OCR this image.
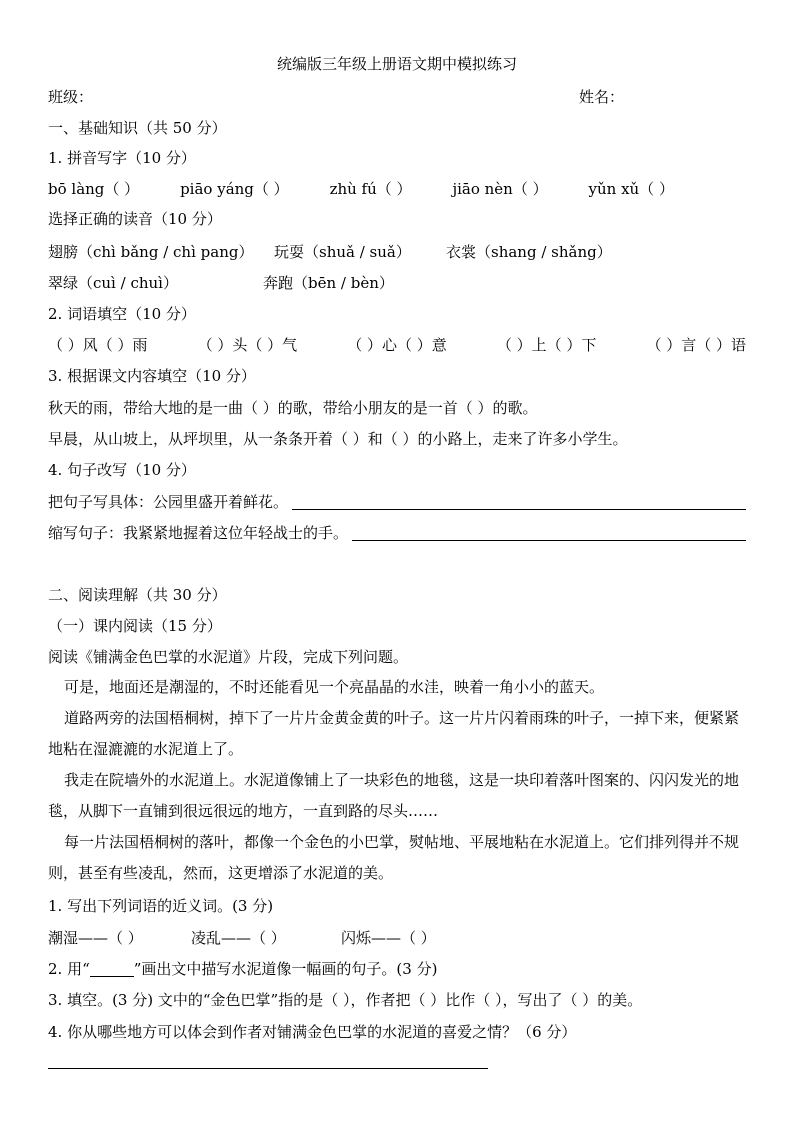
统编版三年级上册语文期中模拟练习
班级：	姓名：
一、基础知识（共 50 分）
1. 拼音写字（10 分）
bō làng（ ）	piāo yáng（ ）	zhù fú（ ）	jiāo nèn（ ）	yǔn xǔ（ ）
选择正确的读音（10 分）
翅膀（chì bǎng / chì pang）	玩耍（shuǎ / suǎ）	衣裳（shang / shǎng）
翠绿（cuì / chuì）	奔跑（bēn / bèn）
2. 词语填空（10 分）
（ ）风（ ）雨	（ ）头（ ）气	（ ）心（ ）意	（ ）上（ ）下	（ ）言（ ）语
3. 根据课文内容填空（10 分）
秋天的雨，带给大地的是一曲（ ）的歌，带给小朋友的是一首（ ）的歌。
早晨，从山坡上，从坪坝里，从一条条开着（ ）和（ ）的小路上，走来了许多小学生。
4. 句子改写（10 分）
把句子写具体：公园里盛开着鲜花。
缩写句子：我紧紧地握着这位年轻战士的手。
二、阅读理解（共 30 分）
（一）课内阅读（15 分）
阅读《铺满金色巴掌的水泥道》片段，完成下列问题。
可是，地面还是潮湿的，不时还能看见一个亮晶晶的水洼，映着一角小小的蓝天。
道路两旁的法国梧桐树，掉下了一片片金黄金黄的叶子。这一片片闪着雨珠的叶子，一掉下来，便紧紧地粘在湿漉漉的水泥道上了。
我走在院墙外的水泥道上。水泥道像铺上了一块彩色的地毯，这是一块印着落叶图案的、闪闪发光的地毯，从脚下一直铺到很远很远的地方，一直到路的尽头……
每一片法国梧桐树的落叶，都像一个金色的小巴掌，熨帖地、平展地粘在水泥道上。它们排列得并不规则，甚至有些凌乱，然而，这更增添了水泥道的美。
1. 写出下列词语的近义词。(3 分)
潮湿——（ ）	凌乱——（ ）	闪烁——（ ）
2. 用“	”画出文中描写水泥道像一幅画的句子。(3 分)
3. 填空。(3 分) 文中的“金色巴掌”指的是（ ），作者把（ ）比作（ ），写出了（ ）的美。
4. 你从哪些地方可以体会到作者对铺满金色巴掌的水泥道的喜爱之情？（6 分）
